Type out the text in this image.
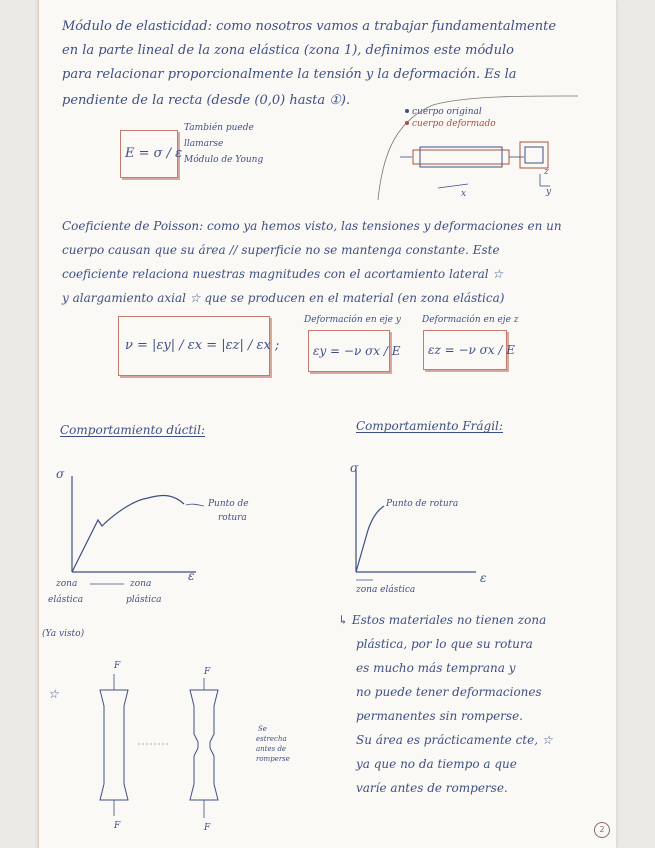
Módulo de elasticidad: como nosotros vamos a trabajar fundamentalmente
en la parte lineal de la zona elástica (zona 1), definimos este módulo
para relacionar proporcionalmente la tensión y la deformación. Es la
pendiente de la recta (desde (0,0) hasta ①).
E = σ / ε
También puede
llamarse
Módulo de Young
cuerpo original
cuerpo deformado
x	y
z
Coeficiente de Poisson: como ya hemos visto, las tensiones y deformaciones en un
cuerpo causan que su área // superficie no se mantenga constante. Este
coeficiente relaciona nuestras magnitudes con el acortamiento lateral ☆
y alargamiento axial ☆ que se producen en el material (en zona elástica)
ν = |εy| / εx = |εz| / εx ;
Deformación en eje y
εy = −ν σx / E
Deformación en eje z
εz = −ν σx / E
Comportamiento dúctil:
σ
ε
Punto de
rotura
zona
elástica
zona
plástica
(Ya visto)
☆
F
F
F
F
Se
estrecha
antes de
romperse
Comportamiento Frágil:
σ
ε
Punto de rotura
zona elástica
↳ Estos materiales no tienen zona
plástica, por lo que su rotura
es mucho más temprana y
no puede tener deformaciones
permanentes sin romperse.
Su área es prácticamente cte, ☆
ya que no da tiempo a que
varíe antes de romperse.
2
